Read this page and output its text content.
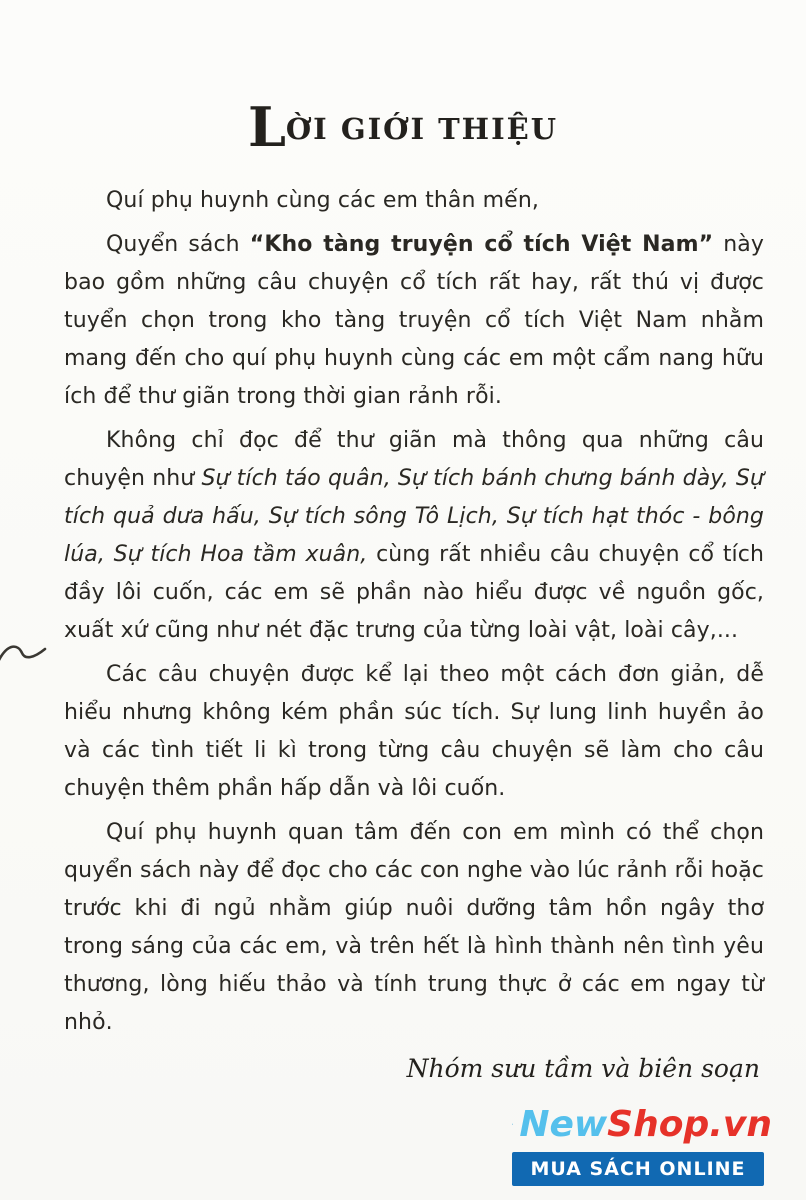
LỜI GIỚI THIỆU

Quí phụ huynh cùng các em thân mến,

Quyển sách “Kho tàng truyện cổ tích Việt Nam” này bao gồm những câu chuyện cổ tích rất hay, rất thú vị được tuyển chọn trong kho tàng truyện cổ tích Việt Nam nhằm mang đến cho quí phụ huynh cùng các em một cẩm nang hữu ích để thư giãn trong thời gian rảnh rỗi.

Không chỉ đọc để thư giãn mà thông qua những câu chuyện như Sự tích táo quân, Sự tích bánh chưng bánh dày, Sự tích quả dưa hấu, Sự tích sông Tô Lịch, Sự tích hạt thóc - bông lúa, Sự tích Hoa tầm xuân, cùng rất nhiều câu chuyện cổ tích đầy lôi cuốn, các em sẽ phần nào hiểu được về nguồn gốc, xuất xứ cũng như nét đặc trưng của từng loài vật, loài cây,...

Các câu chuyện được kể lại theo một cách đơn giản, dễ hiểu nhưng không kém phần súc tích. Sự lung linh huyền ảo và các tình tiết li kì trong từng câu chuyện sẽ làm cho câu chuyện thêm phần hấp dẫn và lôi cuốn.

Quí phụ huynh quan tâm đến con em mình có thể chọn quyển sách này để đọc cho các con nghe vào lúc rảnh rỗi hoặc trước khi đi ngủ nhằm giúp nuôi dưỡng tâm hồn ngây thơ trong sáng của các em, và trên hết là hình thành nên tình yêu thương, lòng hiếu thảo và tính trung thực ở các em ngay từ nhỏ.

Nhóm sưu tầm và biên soạn
NewShop.vn
MUA SÁCH ONLINE
